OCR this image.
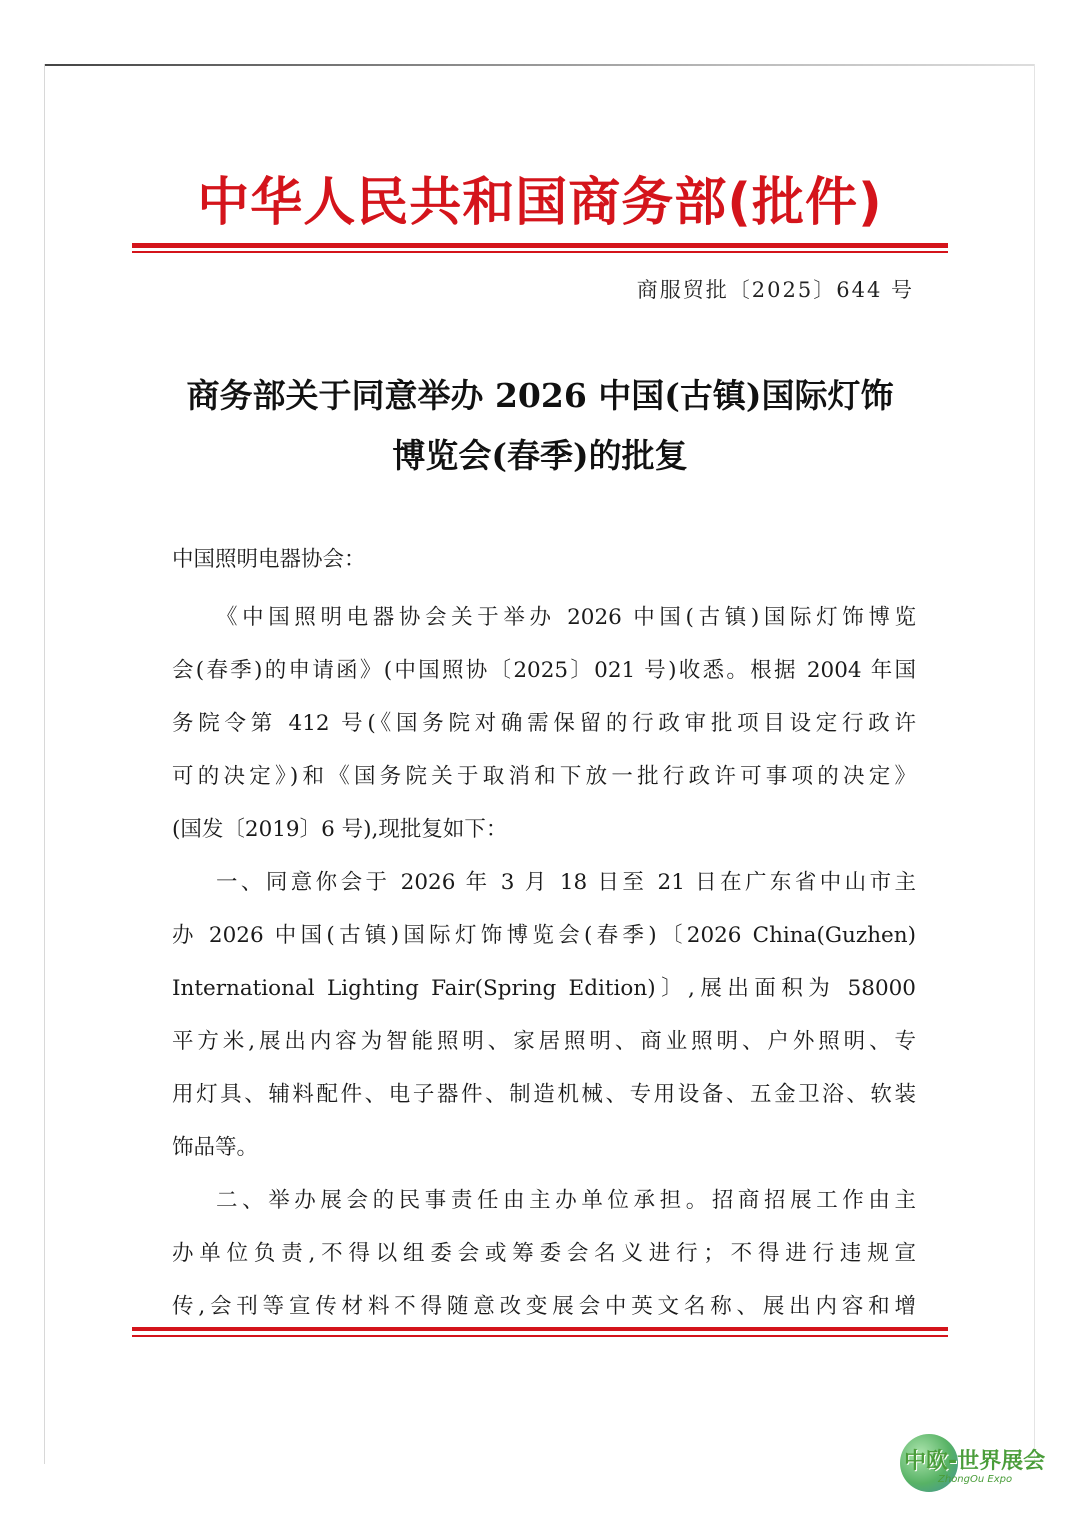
中华人民共和国商务部(批件)
商服贸批〔2025〕644 号
商务部关于同意举办 2026 中国(古镇)国际灯饰
博览会(春季)的批复
中国照明电器协会：
《中国照明电器协会关于举办 2026 中国(古镇)国际灯饰博览
会(春季)的申请函》(中国照协〔2025〕021 号)收悉。根据 2004 年国
务院令第 412 号(《国务院对确需保留的行政审批项目设定行政许
可的决定》)和《国务院关于取消和下放一批行政许可事项的决定》
(国发〔2019〕6 号),现批复如下：
一、同意你会于 2026 年 3 月 18 日至 21 日在广东省中山市主
办 2026 中国(古镇)国际灯饰博览会(春季)〔2026 China(Guzhen)
International Lighting Fair(Spring Edition)〕,展出面积为 58000
平方米,展出内容为智能照明、家居照明、商业照明、户外照明、专
用灯具、辅料配件、电子器件、制造机械、专用设备、五金卫浴、软装
饰品等。
二、举办展会的民事责任由主办单位承担。招商招展工作由主
办单位负责,不得以组委会或筹委会名义进行；不得进行违规宣
传,会刊等宣传材料不得随意改变展会中英文名称、展出内容和增
中欧-世界展会
ZhongOu Expo
